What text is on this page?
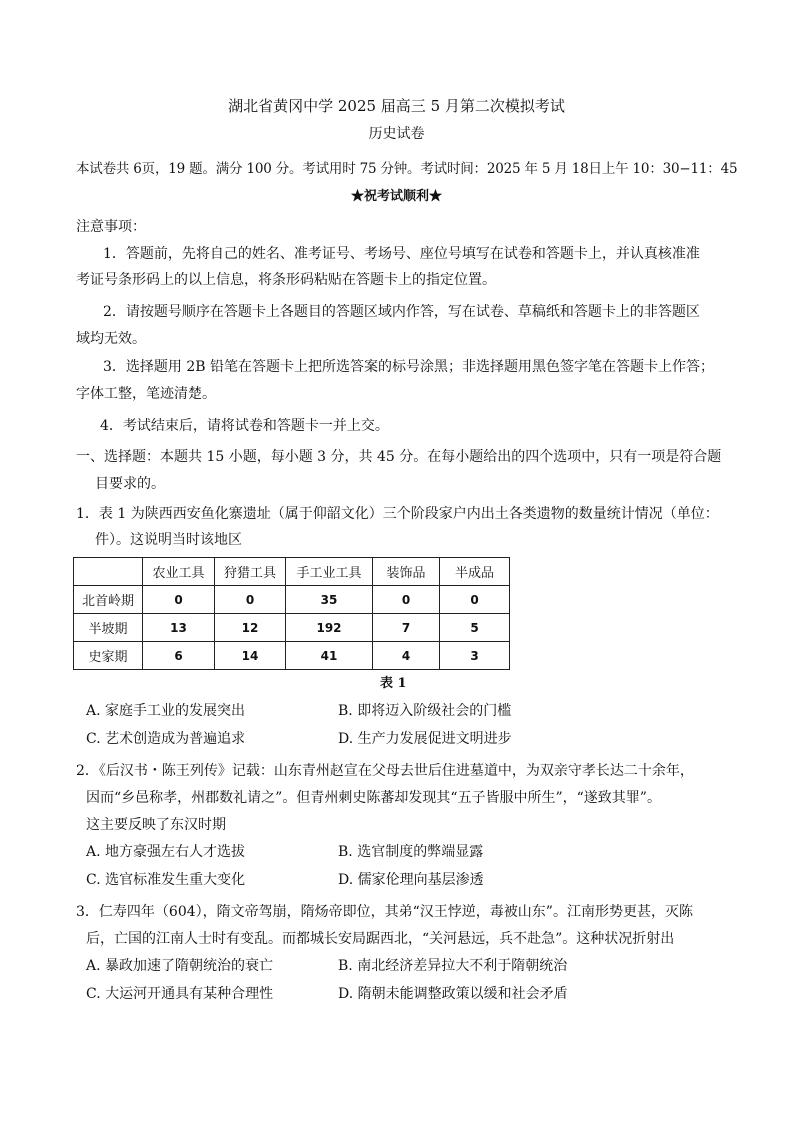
湖北省黄冈中学 2025 届高三 5 月第二次模拟考试
历史试卷
本试卷共 6页，19 题。满分 100 分。考试用时 75 分钟。考试时间：2025 年 5 月 18日上午 10：30−11：45
★祝考试顺利★
注意事项：
1．答题前，先将自己的姓名、准考证号、考场号、座位号填写在试卷和答题卡上，并认真核准准
考证号条形码上的以上信息，将条形码粘贴在答题卡上的指定位置。
2．请按题号顺序在答题卡上各题目的答题区域内作答，写在试卷、草稿纸和答题卡上的非答题区
域均无效。
3．选择题用 2B 铅笔在答题卡上把所选答案的标号涂黑；非选择题用黑色签字笔在答题卡上作答；
字体工整，笔迹清楚。
4．考试结束后，请将试卷和答题卡一并上交。
一、选择题：本题共 15 小题，每小题 3 分，共 45 分。在每小题给出的四个选项中，只有一项是符合题
目要求的。
1．表 1 为陕西西安鱼化寨遗址（属于仰韶文化）三个阶段家户内出土各类遗物的数量统计情况（单位：
件）。这说明当时该地区
	农业工具	狩猎工具	手工业工具	装饰品	半成品
北首岭期	0	0	35	0	0
半坡期	13	12	192	7	5
史家期	6	14	41	4	3
表 1
A. 家庭手工业的发展突出	B. 即将迈入阶级社会的门槛
C. 艺术创造成为普遍追求	D. 生产力发展促进文明进步
2．《后汉书・陈王列传》记载：山东青州赵宣在父母去世后住进墓道中，为双亲守孝长达二十余年，
因而“乡邑称孝，州郡数礼请之”。但青州刺史陈蕃却发现其“五子皆服中所生”，“遂致其罪”。
这主要反映了东汉时期
A. 地方豪强左右人才选拔	B. 选官制度的弊端显露
C. 选官标准发生重大变化	D. 儒家伦理向基层渗透
3．仁寿四年（604），隋文帝驾崩，隋炀帝即位，其弟“汉王悖逆，毒被山东”。江南形势更甚，灭陈
后，亡国的江南人士时有变乱。而都城长安局踞西北，“关河悬远，兵不赴急”。这种状况折射出
A. 暴政加速了隋朝统治的衰亡	B. 南北经济差异拉大不利于隋朝统治
C. 大运河开通具有某种合理性	D. 隋朝未能调整政策以缓和社会矛盾
